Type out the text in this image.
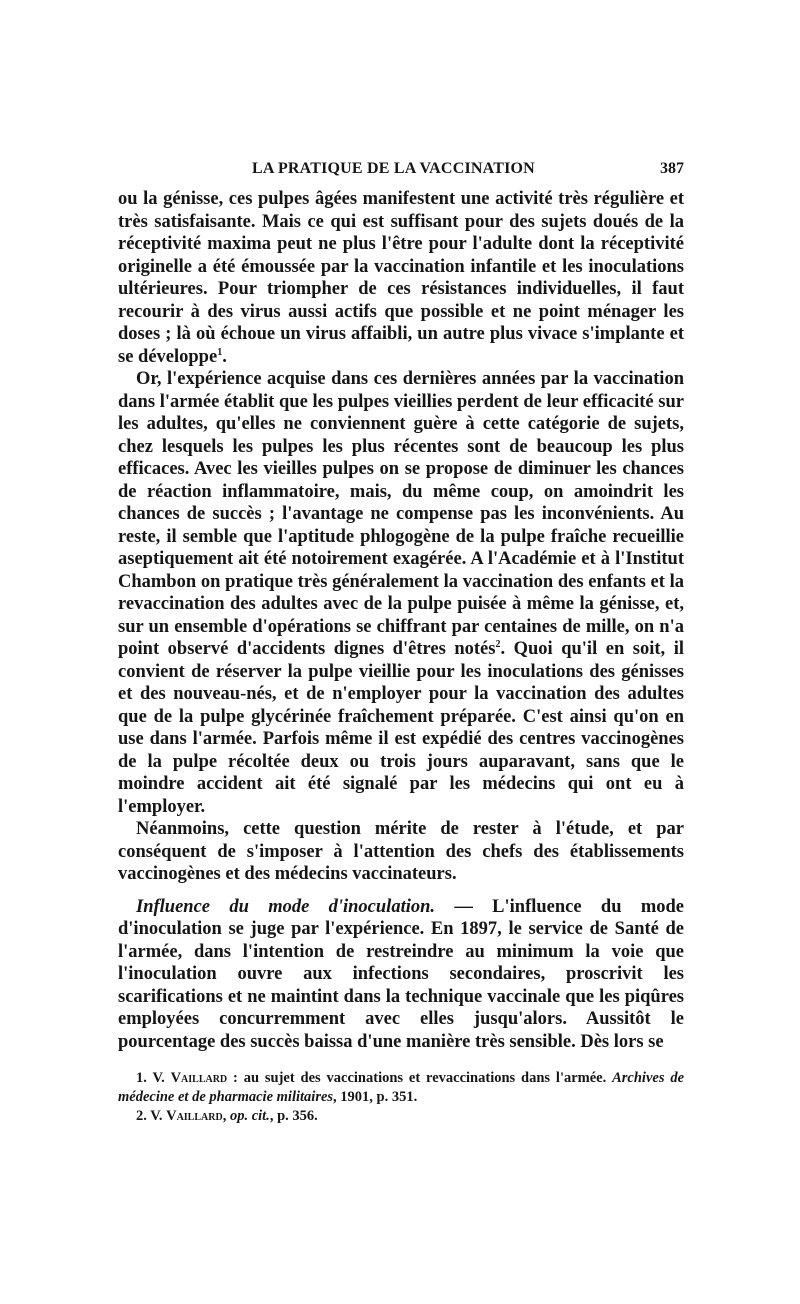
LA PRATIQUE DE LA VACCINATION	387

ou la génisse, ces pulpes âgées manifestent une activité très régulière et très satisfaisante. Mais ce qui est suffisant pour des sujets doués de la réceptivité maxima peut ne plus l'être pour l'adulte dont la réceptivité originelle a été émoussée par la vaccination infantile et les inoculations ultérieures. Pour triompher de ces résistances individuelles, il faut recourir à des virus aussi actifs que possible et ne point ménager les doses ; là où échoue un virus affaibli, un autre plus vivace s'implante et se développe$^1$.

Or, l'expérience acquise dans ces dernières années par la vaccination dans l'armée établit que les pulpes vieillies perdent de leur efficacité sur les adultes, qu'elles ne conviennent guère à cette catégorie de sujets, chez lesquels les pulpes les plus récentes sont de beaucoup les plus efficaces. Avec les vieilles pulpes on se propose de diminuer les chances de réaction inflammatoire, mais, du même coup, on amoindrit les chances de succès ; l'avantage ne compense pas les inconvénients. Au reste, il semble que l'aptitude phlogogène de la pulpe fraîche recueillie aseptiquement ait été notoirement exagérée. A l'Académie et à l'Institut Chambon on pratique très généralement la vaccination des enfants et la revaccination des adultes avec de la pulpe puisée à même la génisse, et, sur un ensemble d'opérations se chiffrant par centaines de mille, on n'a point observé d'accidents dignes d'êtres notés$^2$. Quoi qu'il en soit, il convient de réserver la pulpe vieillie pour les inoculations des génisses et des nouveau-nés, et de n'employer pour la vaccination des adultes que de la pulpe glycérinée fraîchement préparée. C'est ainsi qu'on en use dans l'armée. Parfois même il est expédié des centres vaccinogènes de la pulpe récoltée deux ou trois jours auparavant, sans que le moindre accident ait été signalé par les médecins qui ont eu à l'employer.

Néanmoins, cette question mérite de rester à l'étude, et par conséquent de s'imposer à l'attention des chefs des établissements vaccinogènes et des médecins vaccinateurs.

Influence du mode d'inoculation. — L'influence du mode d'inoculation se juge par l'expérience. En 1897, le service de Santé de l'armée, dans l'intention de restreindre au minimum la voie que l'inoculation ouvre aux infections secondaires, proscrivit les scarifications et ne maintint dans la technique vaccinale que les piqûres employées concurremment avec elles jusqu'alors. Aussitôt le pourcentage des succès baissa d'une manière très sensible. Dès lors se

1. V. Vaillard : au sujet des vaccinations et revaccinations dans l'armée. Archives de médecine et de pharmacie militaires, 1901, p. 351.

2. V. Vaillard, op. cit., p. 356.
